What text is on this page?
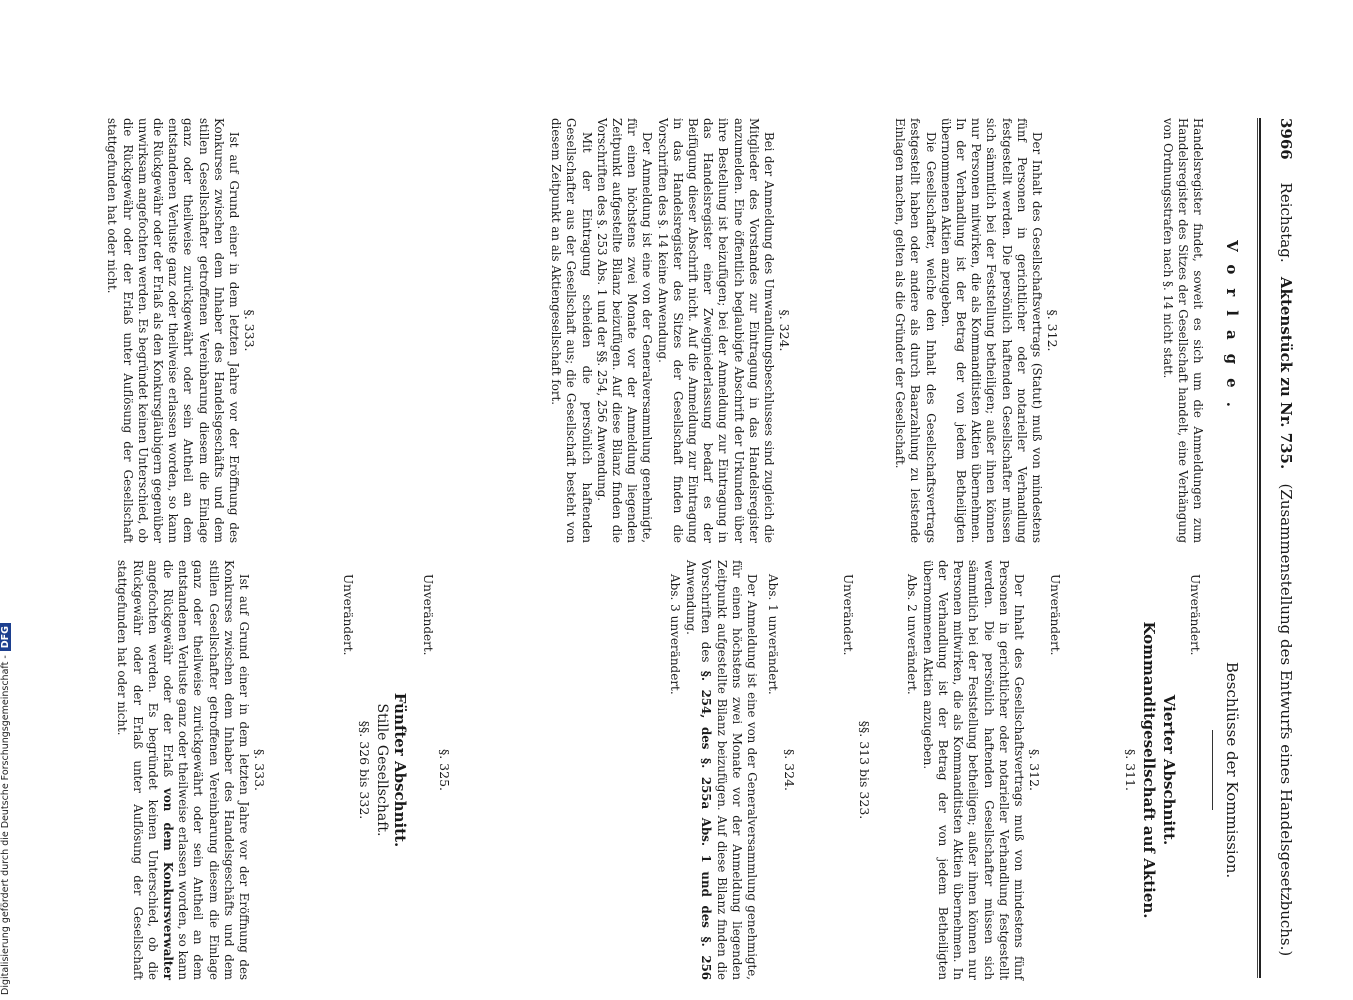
3966 Reichstag.   Aktenstück zu Nr. 735.   (Zusammenstellung des Entwurfs eines Handelsgesetzbuchs.)
Vorlage.
Beschlüsse der Kommission.

Handelsregister findet, soweit es sich um die Anmeldungen zum Handelsregister des Sitzes der Gesellschaft handelt, eine Verhängung von Ordnungsstrafen nach §. 14 nicht statt.

§. 312.

Der Inhalt des Gesellschaftsvertrags (Statut) muß von mindestens fünf Personen in gerichtlicher oder notarieller Verhandlung festgestellt werden. Die persönlich haftenden Gesellschafter müssen sich sämmtlich bei der Feststellung betheiligen; außer ihnen können nur Personen mitwirken, die als Kommanditisten Aktien übernehmen. In der Verhandlung ist der Betrag der von jedem Betheiligten übernommenen Aktien anzugeben.

Die Gesellschafter, welche den Inhalt des Gesellschaftsvertrags festgestellt haben oder andere als durch Baarzahlung zu leistende Einlagen machen, gelten als die Gründer der Gesellschaft.

§. 324.

Bei der Anmeldung des Umwandlungsbeschlusses sind zugleich die Mitglieder des Vorstandes zur Eintragung in das Handelsregister anzumelden. Eine öffentlich beglaubigte Abschrift der Urkunden über ihre Bestellung ist beizufügen; bei der Anmeldung zur Eintragung in das Handelsregister einer Zweigniederlassung bedarf es der Beifügung dieser Abschrift nicht. Auf die Anmeldung zur Eintragung in das Handelsregister des Sitzes der Gesellschaft finden die Vorschriften des §. 14 keine Anwendung.

Der Anmeldung ist eine von der Generalversammlung genehmigte, für einen höchstens zwei Monate vor der Anmeldung liegenden Zeitpunkt aufgestellte Bilanz beizufügen. Auf diese Bilanz finden die Vorschriften des §. 253 Abs. 1 und der §§. 254, 256 Anwendung.

Mit der Eintragung scheiden die persönlich haftenden Gesellschafter aus der Gesellschaft aus; die Gesellschaft besteht von diesem Zeitpunkt an als Aktiengesellschaft fort.

§. 333.

Ist auf Grund einer in dem letzten Jahre vor der Eröffnung des Konkurses zwischen dem Inhaber des Handelsgeschäfts und dem stillen Gesellschafter getroffenen Vereinbarung diesem die Einlage ganz oder theilweise zurückgewährt oder sein Antheil an dem entstandenen Verluste ganz oder theilweise erlassen worden, so kann die Rückgewähr oder der Erlaß als den Konkursgläubigern gegenüber unwirksam angefochten werden. Es begründet keinen Unterschied, ob die Rückgewähr oder der Erlaß unter Auflösung der Gesellschaft stattgefunden hat oder nicht.

Unverändert.

Vierter Abschnitt.

Kommanditgesellschaft auf Aktien.

§. 311.

Unverändert.

§. 312.

Der Inhalt des Gesellschaftsvertrags muß von mindestens fünf Personen in gerichtlicher oder notarieller Verhandlung festgestellt werden. Die persönlich haftenden Gesellschafter müssen sich sämmtlich bei der Feststellung betheiligen; außer ihnen können nur Personen mitwirken, die als Kommanditisten Aktien übernehmen. In der Verhandlung ist der Betrag der von jedem Betheiligten übernommenen Aktien anzugeben.

Abs. 2 unverändert.

§§. 313 bis 323.

Unverändert.

§. 324.

Abs. 1 unverändert.

Der Anmeldung ist eine von der Generalversammlung genehmigte, für einen höchstens zwei Monate vor der Anmeldung liegenden Zeitpunkt aufgestellte Bilanz beizufügen. Auf diese Bilanz finden die Vorschriften des §. 254, des §. 255a Abs. 1 und des §. 256 Anwendung.

Abs. 3 unverändert.

§. 325.

Unverändert.

Fünfter Abschnitt.

Stille Gesellschaft.

§§. 326 bis 332.

Unverändert.

§. 333.

Ist auf Grund einer in dem letzten Jahre vor der Eröffnung des Konkurses zwischen dem Inhaber des Handelsgeschäfts und dem stillen Gesellschafter getroffenen Vereinbarung diesem die Einlage ganz oder theilweise zurückgewährt oder sein Antheil an dem entstandenen Verluste ganz oder theilweise erlassen worden, so kann die Rückgewähr oder der Erlaß von dem Konkursverwalter angefochten werden. Es begründet keinen Unterschied, ob die Rückgewähr oder der Erlaß unter Auflösung der Gesellschaft stattgefunden hat oder nicht.

Digitalisierung gefördert durch die Deutsche Forschungsgemeinschaft -DFG
